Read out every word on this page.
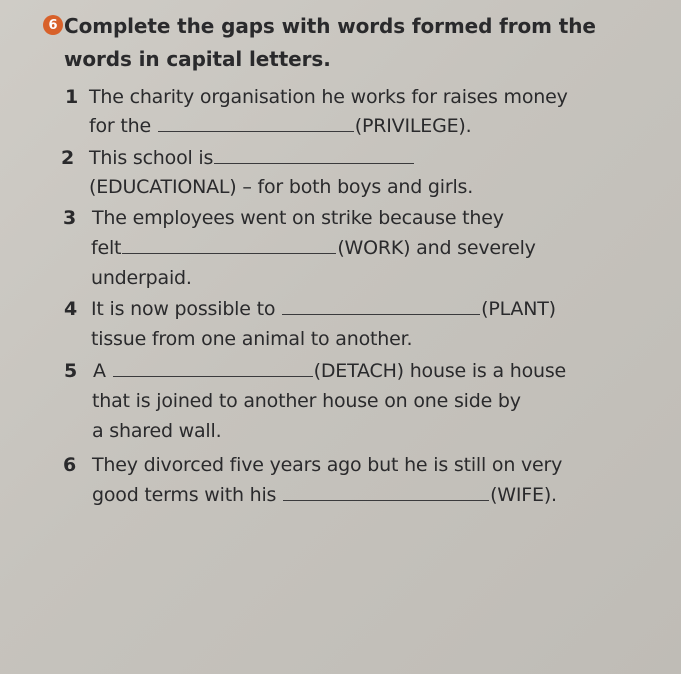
6 Complete the gaps with words formed from the
words in capital letters.
1 The charity organisation he works for raises money
for the	(PRIVILEGE).
2 This school is
(EDUCATIONAL) – for both boys and girls.
3 The employees went on strike because they
felt	(WORK) and severely
underpaid.
4 It is now possible to	(PLANT)
tissue from one animal to another.
5 A	(DETACH) house is a house
that is joined to another house on one side by
a shared wall.
6 They divorced five years ago but he is still on very
good terms with his	(WIFE).
